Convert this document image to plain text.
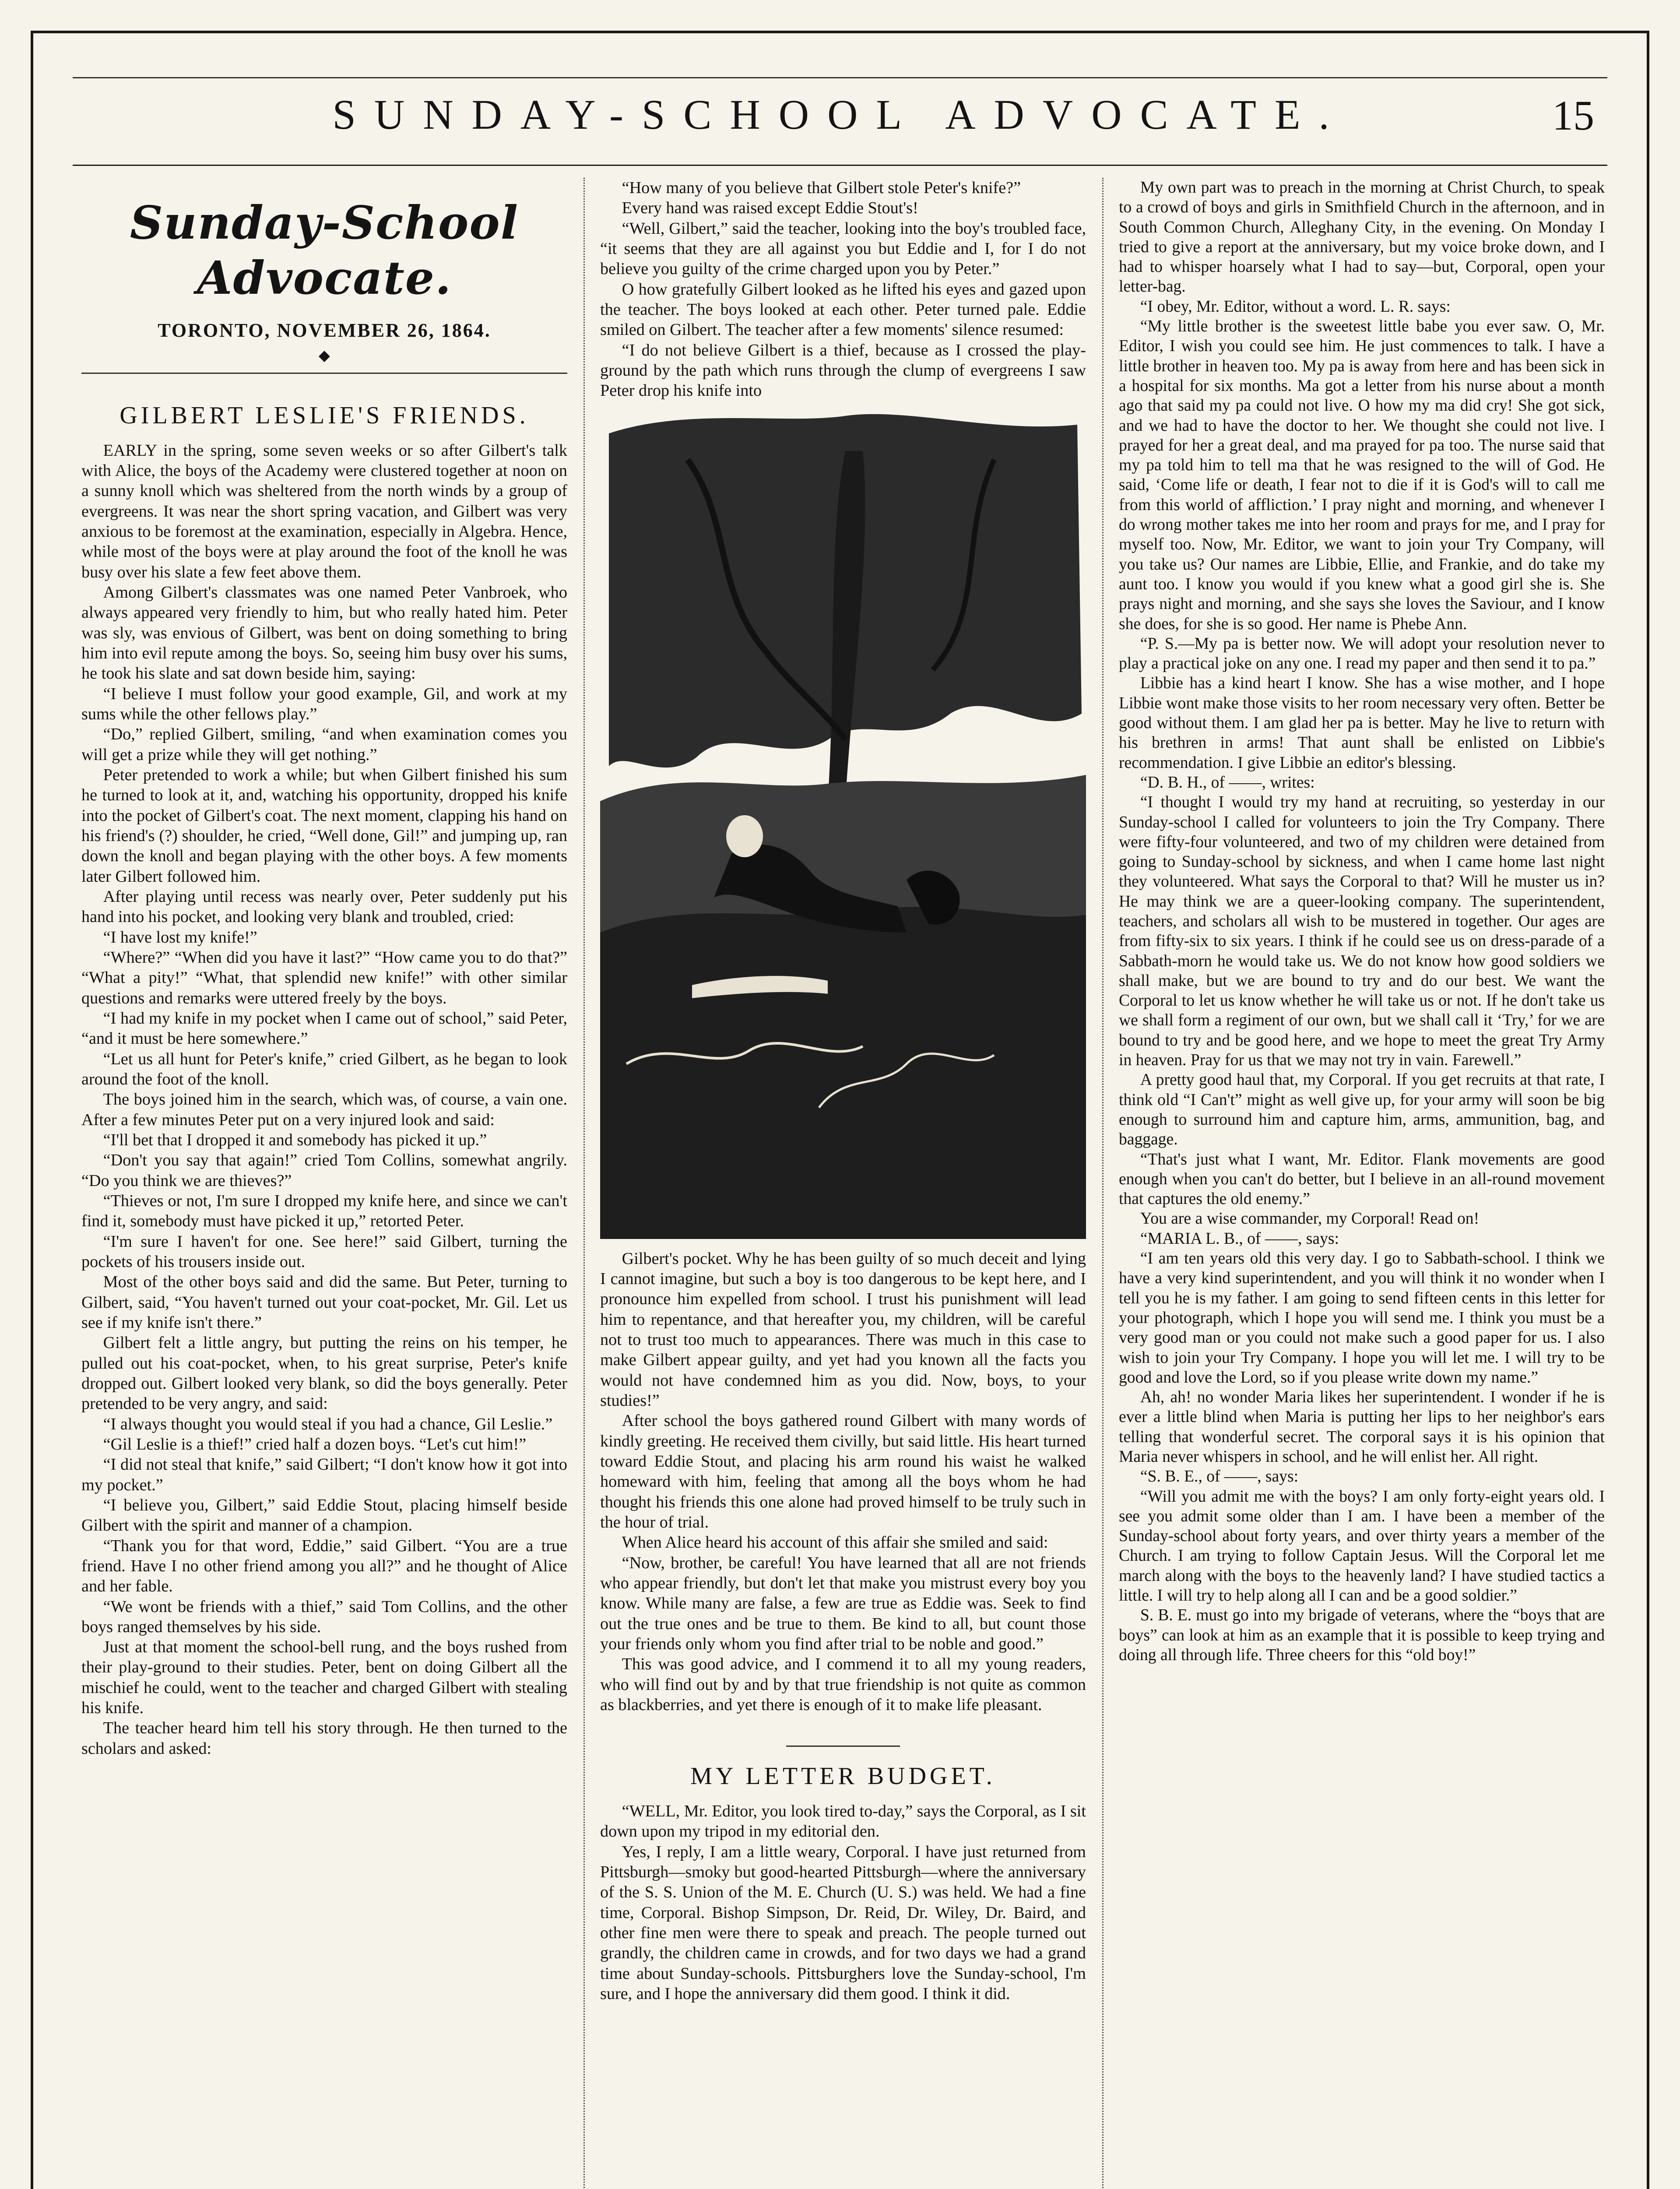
SUNDAY-SCHOOL ADVOCATE.	15
Sunday-School Advocate.
TORONTO, NOVEMBER 26, 1864.
◆
GILBERT LESLIE'S FRIENDS.

EARLY in the spring, some seven weeks or so after Gilbert's talk with Alice, the boys of the Academy were clustered together at noon on a sunny knoll which was sheltered from the north winds by a group of evergreens. It was near the short spring vacation, and Gilbert was very anxious to be foremost at the examination, especially in Algebra. Hence, while most of the boys were at play around the foot of the knoll he was busy over his slate a few feet above them.

Among Gilbert's classmates was one named Peter Vanbroek, who always appeared very friendly to him, but who really hated him. Peter was sly, was envious of Gilbert, was bent on doing something to bring him into evil repute among the boys. So, seeing him busy over his sums, he took his slate and sat down beside him, saying:

“I believe I must follow your good example, Gil, and work at my sums while the other fellows play.”

“Do,” replied Gilbert, smiling, “and when examination comes you will get a prize while they will get nothing.”

Peter pretended to work a while; but when Gilbert finished his sum he turned to look at it, and, watching his opportunity, dropped his knife into the pocket of Gilbert's coat. The next moment, clapping his hand on his friend's (?) shoulder, he cried, “Well done, Gil!” and jumping up, ran down the knoll and began playing with the other boys. A few moments later Gilbert followed him.

After playing until recess was nearly over, Peter suddenly put his hand into his pocket, and looking very blank and troubled, cried:

“I have lost my knife!”

“Where?” “When did you have it last?” “How came you to do that?” “What a pity!” “What, that splendid new knife!” with other similar questions and remarks were uttered freely by the boys.

“I had my knife in my pocket when I came out of school,” said Peter, “and it must be here somewhere.”

“Let us all hunt for Peter's knife,” cried Gilbert, as he began to look around the foot of the knoll.

The boys joined him in the search, which was, of course, a vain one. After a few minutes Peter put on a very injured look and said:

“I'll bet that I dropped it and somebody has picked it up.”

“Don't you say that again!” cried Tom Collins, somewhat angrily. “Do you think we are thieves?”

“Thieves or not, I'm sure I dropped my knife here, and since we can't find it, somebody must have picked it up,” retorted Peter.

“I'm sure I haven't for one. See here!” said Gilbert, turning the pockets of his trousers inside out.

Most of the other boys said and did the same. But Peter, turning to Gilbert, said, “You haven't turned out your coat-pocket, Mr. Gil. Let us see if my knife isn't there.”

Gilbert felt a little angry, but putting the reins on his temper, he pulled out his coat-pocket, when, to his great surprise, Peter's knife dropped out. Gilbert looked very blank, so did the boys generally. Peter pretended to be very angry, and said:

“I always thought you would steal if you had a chance, Gil Leslie.”

“Gil Leslie is a thief!” cried half a dozen boys. “Let's cut him!”

“I did not steal that knife,” said Gilbert; “I don't know how it got into my pocket.”

“I believe you, Gilbert,” said Eddie Stout, placing himself beside Gilbert with the spirit and manner of a champion.

“Thank you for that word, Eddie,” said Gilbert. “You are a true friend. Have I no other friend among you all?” and he thought of Alice and her fable.

“We wont be friends with a thief,” said Tom Collins, and the other boys ranged themselves by his side.

Just at that moment the school-bell rung, and the boys rushed from their play-ground to their studies. Peter, bent on doing Gilbert all the mischief he could, went to the teacher and charged Gilbert with stealing his knife.

The teacher heard him tell his story through. He then turned to the scholars and asked:

“How many of you believe that Gilbert stole Peter's knife?”

Every hand was raised except Eddie Stout's!

“Well, Gilbert,” said the teacher, looking into the boy's troubled face, “it seems that they are all against you but Eddie and I, for I do not believe you guilty of the crime charged upon you by Peter.”

O how gratefully Gilbert looked as he lifted his eyes and gazed upon the teacher. The boys looked at each other. Peter turned pale. Eddie smiled on Gilbert. The teacher after a few moments' silence resumed:

“I do not believe Gilbert is a thief, because as I crossed the play-ground by the path which runs through the clump of evergreens I saw Peter drop his knife into

Gilbert's pocket. Why he has been guilty of so much deceit and lying I cannot imagine, but such a boy is too dangerous to be kept here, and I pronounce him expelled from school. I trust his punishment will lead him to repentance, and that hereafter you, my children, will be careful not to trust too much to appearances. There was much in this case to make Gilbert appear guilty, and yet had you known all the facts you would not have condemned him as you did. Now, boys, to your studies!”

After school the boys gathered round Gilbert with many words of kindly greeting. He received them civilly, but said little. His heart turned toward Eddie Stout, and placing his arm round his waist he walked homeward with him, feeling that among all the boys whom he had thought his friends this one alone had proved himself to be truly such in the hour of trial.

When Alice heard his account of this affair she smiled and said:

“Now, brother, be careful! You have learned that all are not friends who appear friendly, but don't let that make you mistrust every boy you know. While many are false, a few are true as Eddie was. Seek to find out the true ones and be true to them. Be kind to all, but count those your friends only whom you find after trial to be noble and good.”

This was good advice, and I commend it to all my young readers, who will find out by and by that true friendship is not quite as common as blackberries, and yet there is enough of it to make life pleasant.

MY LETTER BUDGET.

“WELL, Mr. Editor, you look tired to-day,” says the Corporal, as I sit down upon my tripod in my editorial den.

Yes, I reply, I am a little weary, Corporal. I have just returned from Pittsburgh—smoky but good-hearted Pittsburgh—where the anniversary of the S. S. Union of the M. E. Church (U. S.) was held. We had a fine time, Corporal. Bishop Simpson, Dr. Reid, Dr. Wiley, Dr. Baird, and other fine men were there to speak and preach. The people turned out grandly, the children came in crowds, and for two days we had a grand time about Sunday-schools. Pittsburghers love the Sunday-school, I'm sure, and I hope the anniversary did them good. I think it did.

My own part was to preach in the morning at Christ Church, to speak to a crowd of boys and girls in Smithfield Church in the afternoon, and in South Common Church, Alleghany City, in the evening. On Monday I tried to give a report at the anniversary, but my voice broke down, and I had to whisper hoarsely what I had to say—but, Corporal, open your letter-bag.

“I obey, Mr. Editor, without a word. L. R. says:

“My little brother is the sweetest little babe you ever saw. O, Mr. Editor, I wish you could see him. He just commences to talk. I have a little brother in heaven too. My pa is away from here and has been sick in a hospital for six months. Ma got a letter from his nurse about a month ago that said my pa could not live. O how my ma did cry! She got sick, and we had to have the doctor to her. We thought she could not live. I prayed for her a great deal, and ma prayed for pa too. The nurse said that my pa told him to tell ma that he was resigned to the will of God. He said, ‘Come life or death, I fear not to die if it is God's will to call me from this world of affliction.’ I pray night and morning, and whenever I do wrong mother takes me into her room and prays for me, and I pray for myself too. Now, Mr. Editor, we want to join your Try Company, will you take us? Our names are Libbie, Ellie, and Frankie, and do take my aunt too. I know you would if you knew what a good girl she is. She prays night and morning, and she says she loves the Saviour, and I know she does, for she is so good. Her name is Phebe Ann.

“P. S.—My pa is better now. We will adopt your resolution never to play a practical joke on any one. I read my paper and then send it to pa.”

Libbie has a kind heart I know. She has a wise mother, and I hope Libbie wont make those visits to her room necessary very often. Better be good without them. I am glad her pa is better. May he live to return with his brethren in arms! That aunt shall be enlisted on Libbie's recommendation. I give Libbie an editor's blessing.

“D. B. H., of ——, writes:

“I thought I would try my hand at recruiting, so yesterday in our Sunday-school I called for volunteers to join the Try Company. There were fifty-four volunteered, and two of my children were detained from going to Sunday-school by sickness, and when I came home last night they volunteered. What says the Corporal to that? Will he muster us in? He may think we are a queer-looking company. The superintendent, teachers, and scholars all wish to be mustered in together. Our ages are from fifty-six to six years. I think if he could see us on dress-parade of a Sabbath-morn he would take us. We do not know how good soldiers we shall make, but we are bound to try and do our best. We want the Corporal to let us know whether he will take us or not. If he don't take us we shall form a regiment of our own, but we shall call it ‘Try,’ for we are bound to try and be good here, and we hope to meet the great Try Army in heaven. Pray for us that we may not try in vain. Farewell.”

A pretty good haul that, my Corporal. If you get recruits at that rate, I think old “I Can't” might as well give up, for your army will soon be big enough to surround him and capture him, arms, ammunition, bag, and baggage.

“That's just what I want, Mr. Editor. Flank movements are good enough when you can't do better, but I believe in an all-round movement that captures the old enemy.”

You are a wise commander, my Corporal! Read on!

“MARIA L. B., of ——, says:

“I am ten years old this very day. I go to Sabbath-school. I think we have a very kind superintendent, and you will think it no wonder when I tell you he is my father. I am going to send fifteen cents in this letter for your photograph, which I hope you will send me. I think you must be a very good man or you could not make such a good paper for us. I also wish to join your Try Company. I hope you will let me. I will try to be good and love the Lord, so if you please write down my name.”

Ah, ah! no wonder Maria likes her superintendent. I wonder if he is ever a little blind when Maria is putting her lips to her neighbor's ears telling that wonderful secret. The corporal says it is his opinion that Maria never whispers in school, and he will enlist her. All right.

“S. B. E., of ——, says:

“Will you admit me with the boys? I am only forty-eight years old. I see you admit some older than I am. I have been a member of the Sunday-school about forty years, and over thirty years a member of the Church. I am trying to follow Captain Jesus. Will the Corporal let me march along with the boys to the heavenly land? I have studied tactics a little. I will try to help along all I can and be a good soldier.”

S. B. E. must go into my brigade of veterans, where the “boys that are boys” can look at him as an example that it is possible to keep trying and doing all through life. Three cheers for this “old boy!”
